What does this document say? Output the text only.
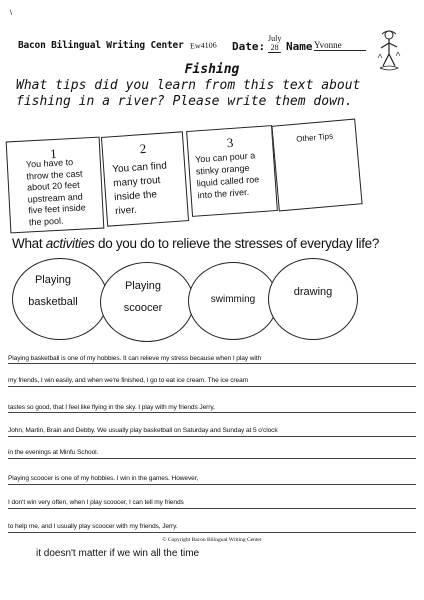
\
Bacon Bilingual Writing Center Ew4106 Date:
July
28 Name Yvonne
Fishing
What tips did you learn from this text about fishing in a river? Please write them down.
1
You have to
throw the cast
about 20 feet
upstream and
five feet inside
the pool.
2
You can find
many trout
inside the
river.
3
You can pour a
stinky orange
liquid called roe
into the river.
Other Tips
What activities do you do to relieve the stresses of everyday life?
Playing
basketball
Playing
scoocer
swimming
drawing
Playing basketball is one of my hobbies. It can relieve my stress because when I play with
my friends, I win easily, and when we're finished, I go to eat ice cream. The ice cream
tastes so good, that I feel like flying in the sky. I play with my friends Jerry,
John, Martin, Brain and Debby. We usually play basketball on Saturday and Sunday at 5 o'clock
in the evenings at Minfu School.
Playing scoocer is one of my hobbies. I win in the games. However,
I don't win very often, when I play scoocer, I can tell my friends
to help me, and I usually play scoocer with my friends, Jerry.
© Copyright Bacon Bilingual Writing Center
it doesn't matter if we win all the time
